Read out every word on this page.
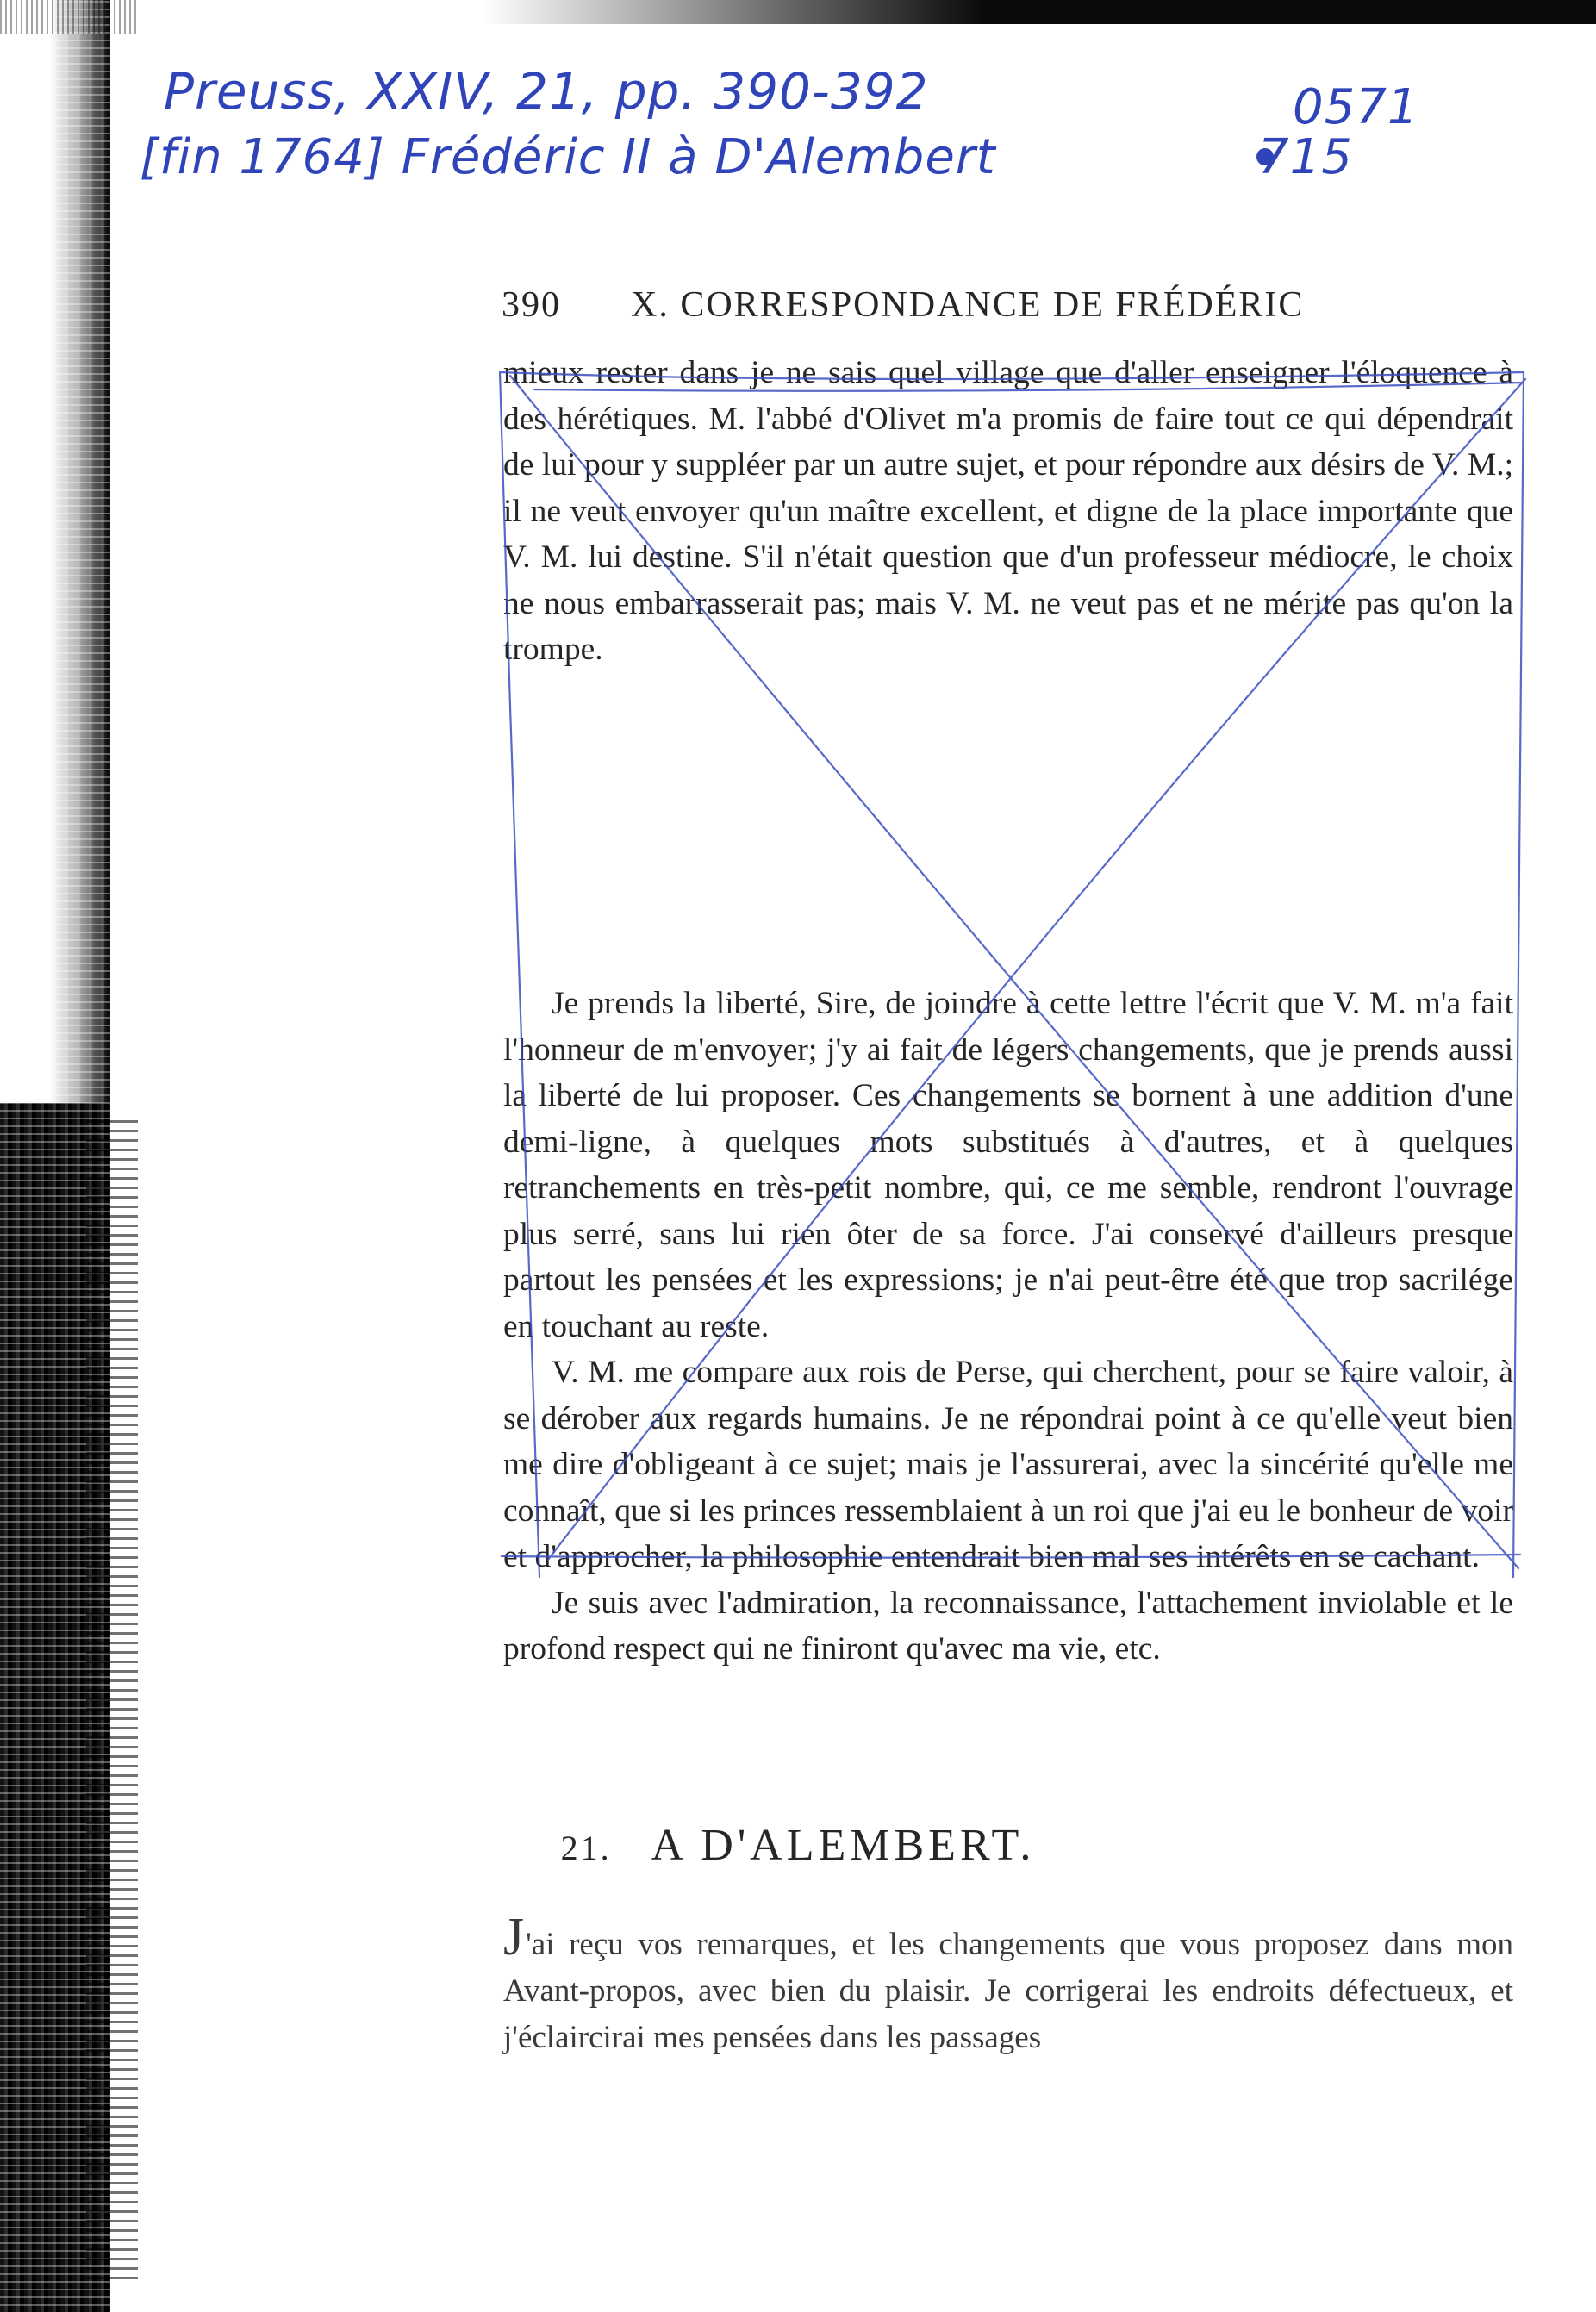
Preuss, XXIV, 21, pp. 390-392
[fin 1764] Frédéric II à D'Alembert
0571
715
390 X. CORRESPONDANCE DE FRÉDÉRIC

mieux rester dans je ne sais quel village que d'aller enseigner l'éloquence à des hérétiques. M. l'abbé d'Olivet m'a promis de faire tout ce qui dépendrait de lui pour y suppléer par un autre sujet, et pour répondre aux désirs de V. M.; il ne veut envoyer qu'un maître excellent, et digne de la place importante que V. M. lui destine. S'il n'était question que d'un professeur médiocre, le choix ne nous embarrasserait pas; mais V. M. ne veut pas et ne mérite pas qu'on la trompe.

Je prends la liberté, Sire, de joindre à cette lettre l'écrit que V. M. m'a fait l'honneur de m'envoyer; j'y ai fait de légers changements, que je prends aussi la liberté de lui proposer. Ces changements se bornent à une addition d'une demi-ligne, à quelques mots substitués à d'autres, et à quelques retranchements en très-petit nombre, qui, ce me semble, rendront l'ouvrage plus serré, sans lui rien ôter de sa force. J'ai conservé d'ailleurs presque partout les pensées et les expressions; je n'ai peut-être été que trop sacrilége en touchant au reste.

V. M. me compare aux rois de Perse, qui cherchent, pour se faire valoir, à se dérober aux regards humains. Je ne répondrai point à ce qu'elle veut bien me dire d'obligeant à ce sujet; mais je l'assurerai, avec la sincérité qu'elle me connaît, que si les princes ressemblaient à un roi que j'ai eu le bonheur de voir et d'approcher, la philosophie entendrait bien mal ses intérêts en se cachant.

Je suis avec l'admiration, la reconnaissance, l'attachement inviolable et le profond respect qui ne finiront qu'avec ma vie, etc.

21. A D'ALEMBERT.
J'ai reçu vos remarques, et les changements que vous proposez dans mon Avant-propos, avec bien du plaisir. Je corrigerai les endroits défectueux, et j'éclaircirai mes pensées dans les passages
